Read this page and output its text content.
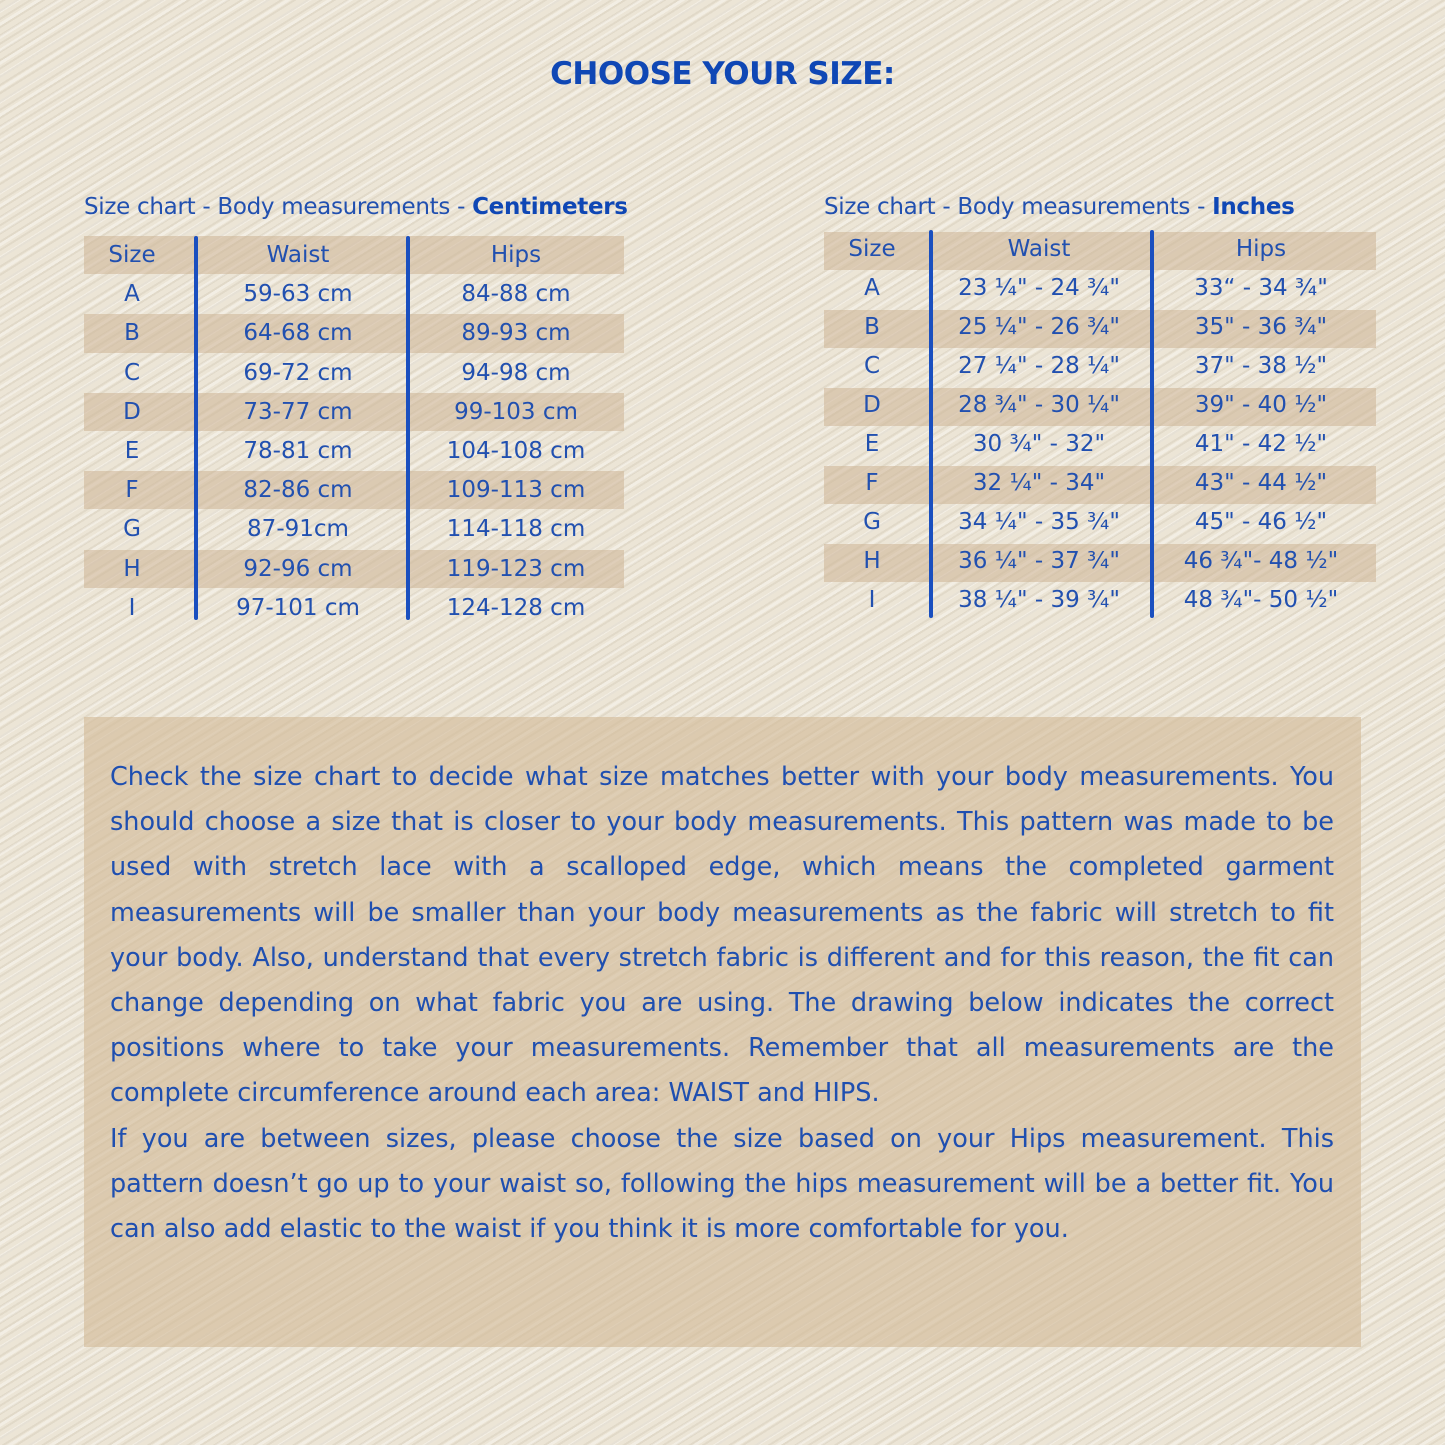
CHOOSE YOUR SIZE:
Size chart - Body measurements - Centimeters
Size	Waist	Hips
A	59-63 cm	84-88 cm
B	64-68 cm	89-93 cm
C	69-72 cm	94-98 cm
D	73-77 cm	99-103 cm
E	78-81 cm	104-108 cm
F	82-86 cm	109-113 cm
G	87-91cm	114-118 cm
H	92-96 cm	119-123 cm
I	97-101 cm	124-128 cm
Size chart - Body measurements - Inches
Size	Waist	Hips
A	23 ¼" - 24 ¾"	33“ - 34 ¾"
B	25 ¼" - 26 ¾"	35" - 36 ¾"
C	27 ¼" - 28 ¼"	37" - 38 ½"
D	28 ¾" - 30 ¼"	39" - 40 ½"
E	30 ¾" - 32"	41" - 42 ½"
F	32 ¼" - 34"	43" - 44 ½"
G	34 ¼" - 35 ¾"	45" - 46 ½"
H	36 ¼" - 37 ¾"	46 ¾"- 48 ½"
I	38 ¼" - 39 ¾"	48 ¾"- 50 ½"

Check the size chart to decide what size matches better with your body measurements. You should choose a size that is closer to your body measurements. This pattern was made to be used with stretch lace with a scalloped edge, which means the completed garment measurements will be smaller than your body measurements as the fabric will stretch to fit your body. Also, understand that every stretch fabric is different and for this reason, the fit can change depending on what fabric you are using. The drawing below indicates the correct positions where to take your measurements. Remember that all measurements are the complete circumference around each area: WAIST and HIPS.

If you are between sizes, please choose the size based on your Hips measurement. This pattern doesn’t go up to your waist so, following the hips measurement will be a better fit. You can also add elastic to the waist if you think it is more comfortable for you.
